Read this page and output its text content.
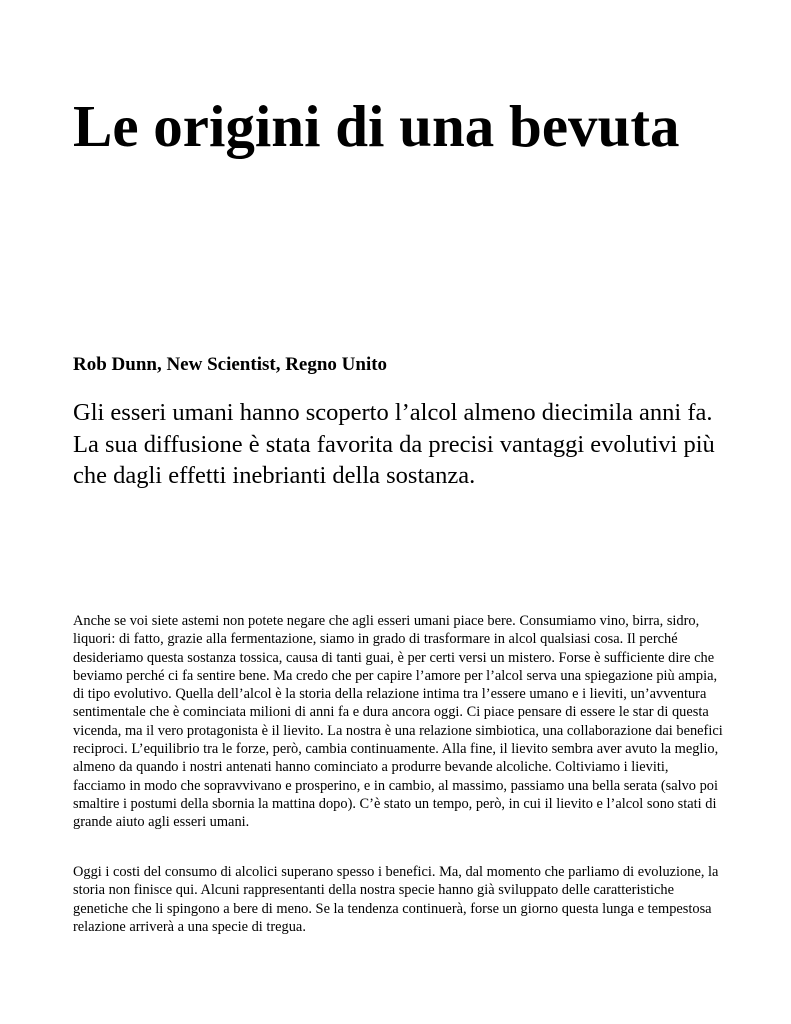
Le origini di una bevuta

Rob Dunn, New Scientist, Regno Unito

Gli esseri umani hanno scoperto l’alcol almeno diecimila anni fa. La sua diffusione è stata favorita da precisi vantaggi evolutivi più che dagli effetti inebrianti della sostanza.

Anche se voi siete astemi non potete negare che agli esseri umani piace bere. Consumiamo vino, birra, sidro, liquori: di fatto, grazie alla fermentazione, siamo in grado di trasformare in alcol qualsiasi cosa. Il perché desideriamo questa sostanza tossica, causa di tanti guai, è per certi versi un mistero. Forse è sufficiente dire che beviamo perché ci fa sentire bene. Ma credo che per capire l’amore per l’alcol serva una spiegazione più ampia, di tipo evolutivo. Quella dell’alcol è la storia della relazione intima tra l’essere umano e i lieviti, un’avventura sentimentale che è cominciata milioni di anni fa e dura ancora oggi. Ci piace pensare di essere le star di questa vicenda, ma il vero protagonista è il lievito. La nostra è una relazione simbiotica, una collaborazione dai benefici reciproci. L’equilibrio tra le forze, però, cambia continuamente. Alla fine, il lievito sembra aver avuto la meglio, almeno da quando i nostri antenati hanno cominciato a produrre bevande alcoliche. Coltiviamo i lieviti, facciamo in modo che sopravvivano e prosperino, e in cambio, al massimo, passiamo una bella serata (salvo poi smaltire i postumi della sbornia la mattina dopo). C’è stato un tempo, però, in cui il lievito e l’alcol sono stati di grande aiuto agli esseri umani.

Oggi i costi del consumo di alcolici superano spesso i benefici. Ma, dal momento che parliamo di evoluzione, la storia non finisce qui. Alcuni rappresentanti della nostra specie hanno già sviluppato delle caratteristiche genetiche che li spingono a bere di meno. Se la tendenza continuerà, forse un giorno questa lunga e tempestosa relazione arriverà a una specie di tregua.
